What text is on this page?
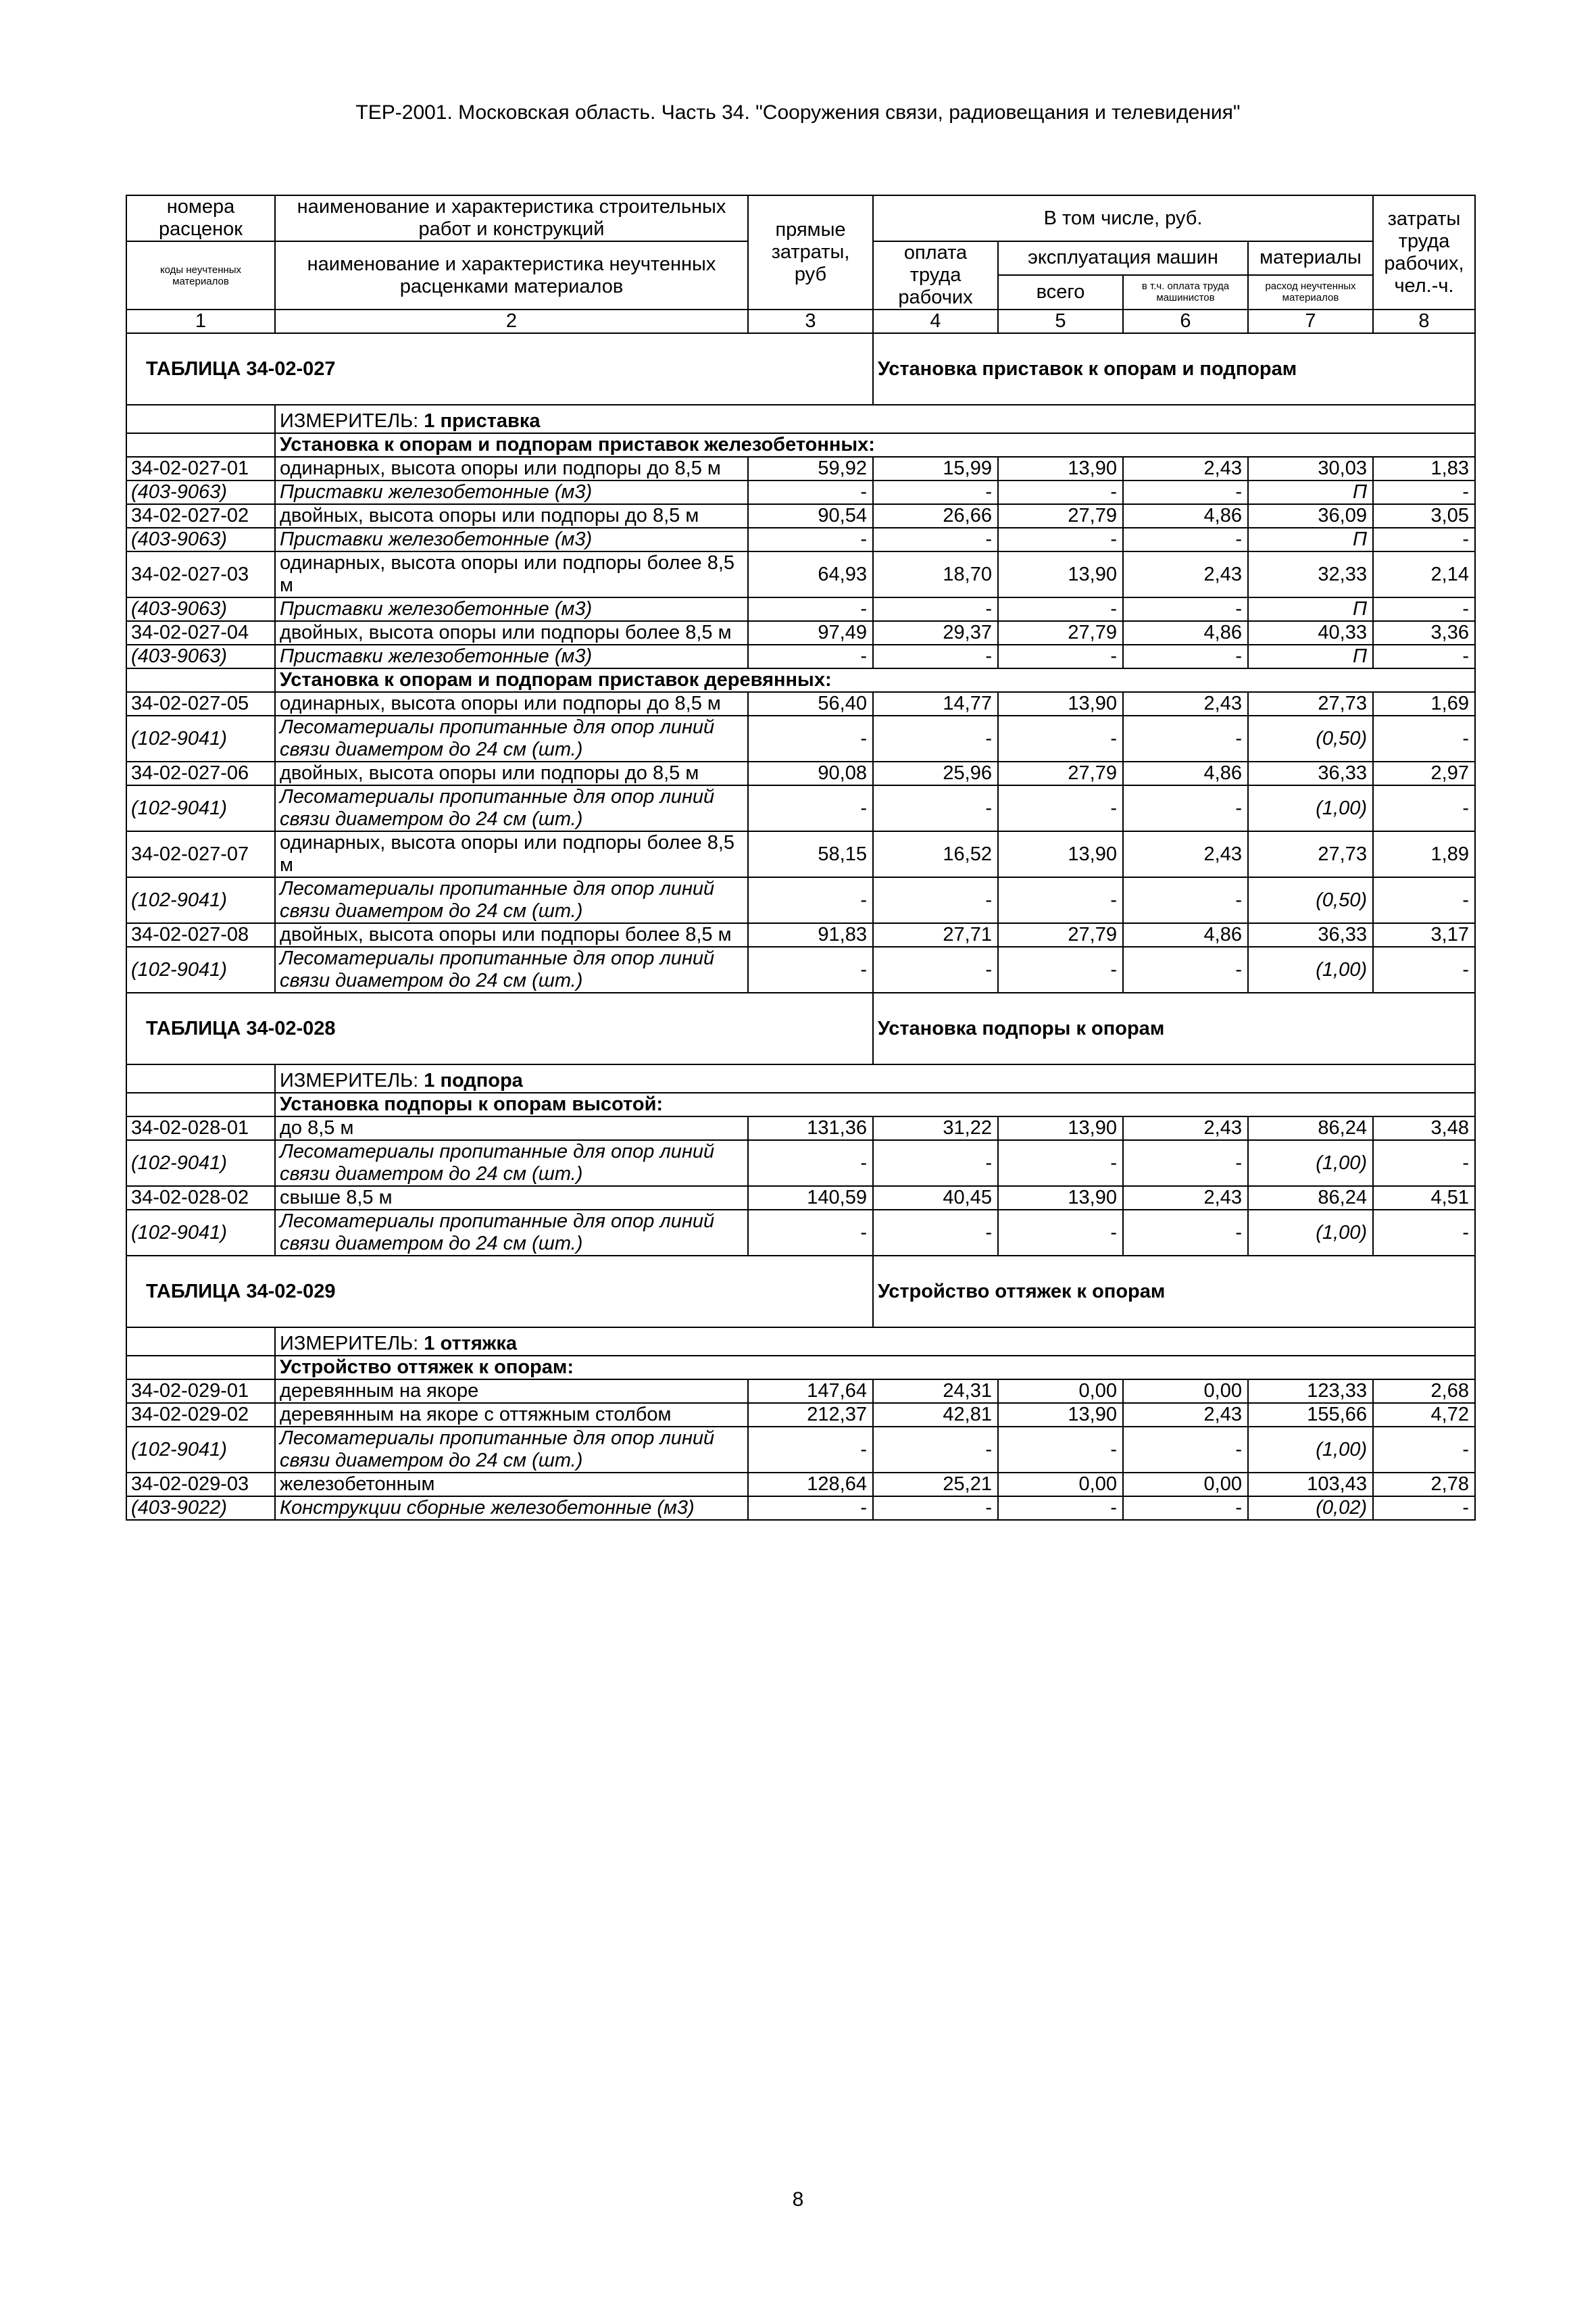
ТЕР-2001. Московская область. Часть 34. "Сооружения связи, радиовещания и телевидения"
номера расценок	наименование и характеристика строительных работ и конструкций	прямые затраты, руб	В том числе, руб.				затраты труда рабочих, чел.-ч.
коды неучтенных материалов	наименование и характеристика неучтенных расценками материалов		оплата труда рабочих	эксплуатация машин		материалы	
				всего	в т.ч. оплата труда машинистов	расход неучтенных материалов	
1	2	3	4	5	6	7	8
ТАБЛИЦА 34-02-027			Установка приставок к опорам и подпорам				
	ИЗМЕРИТЕЛЬ: 1 приставка						
	Установка к опорам и подпорам приставок железобетонных:						
34-02-027-01	одинарных, высота опоры или подпоры до 8,5 м	59,92	15,99	13,90	2,43	30,03	1,83
(403-9063)	Приставки железобетонные (м3)	-	-	-	-	П	-
34-02-027-02	двойных, высота опоры или подпоры до 8,5 м	90,54	26,66	27,79	4,86	36,09	3,05
(403-9063)	Приставки железобетонные (м3)	-	-	-	-	П	-
34-02-027-03	одинарных, высота опоры или подпоры более 8,5 м	64,93	18,70	13,90	2,43	32,33	2,14
(403-9063)	Приставки железобетонные (м3)	-	-	-	-	П	-
34-02-027-04	двойных, высота опоры или подпоры более 8,5 м	97,49	29,37	27,79	4,86	40,33	3,36
(403-9063)	Приставки железобетонные (м3)	-	-	-	-	П	-
	Установка к опорам и подпорам приставок деревянных:						
34-02-027-05	одинарных, высота опоры или подпоры до 8,5 м	56,40	14,77	13,90	2,43	27,73	1,69
(102-9041)	Лесоматериалы пропитанные для опор линий связи диаметром до 24 см (шт.)	-	-	-	-	(0,50)	-
34-02-027-06	двойных, высота опоры или подпоры до 8,5 м	90,08	25,96	27,79	4,86	36,33	2,97
(102-9041)	Лесоматериалы пропитанные для опор линий связи диаметром до 24 см (шт.)	-	-	-	-	(1,00)	-
34-02-027-07	одинарных, высота опоры или подпоры более 8,5 м	58,15	16,52	13,90	2,43	27,73	1,89
(102-9041)	Лесоматериалы пропитанные для опор линий связи диаметром до 24 см (шт.)	-	-	-	-	(0,50)	-
34-02-027-08	двойных, высота опоры или подпоры более 8,5 м	91,83	27,71	27,79	4,86	36,33	3,17
(102-9041)	Лесоматериалы пропитанные для опор линий связи диаметром до 24 см (шт.)	-	-	-	-	(1,00)	-
ТАБЛИЦА 34-02-028			Установка подпоры к опорам				
	ИЗМЕРИТЕЛЬ: 1 подпора						
	Установка подпоры к опорам высотой:						
34-02-028-01	до 8,5 м	131,36	31,22	13,90	2,43	86,24	3,48
(102-9041)	Лесоматериалы пропитанные для опор линий связи диаметром до 24 см (шт.)	-	-	-	-	(1,00)	-
34-02-028-02	свыше 8,5 м	140,59	40,45	13,90	2,43	86,24	4,51
(102-9041)	Лесоматериалы пропитанные для опор линий связи диаметром до 24 см (шт.)	-	-	-	-	(1,00)	-
ТАБЛИЦА 34-02-029			Устройство оттяжек к опорам				
	ИЗМЕРИТЕЛЬ: 1 оттяжка						
	Устройство оттяжек к опорам:						
34-02-029-01	деревянным на якоре	147,64	24,31	0,00	0,00	123,33	2,68
34-02-029-02	деревянным на якоре с оттяжным столбом	212,37	42,81	13,90	2,43	155,66	4,72
(102-9041)	Лесоматериалы пропитанные для опор линий связи диаметром до 24 см (шт.)	-	-	-	-	(1,00)	-
34-02-029-03	железобетонным	128,64	25,21	0,00	0,00	103,43	2,78
(403-9022)	Конструкции сборные железобетонные (м3)	-	-	-	-	(0,02)	-
8
